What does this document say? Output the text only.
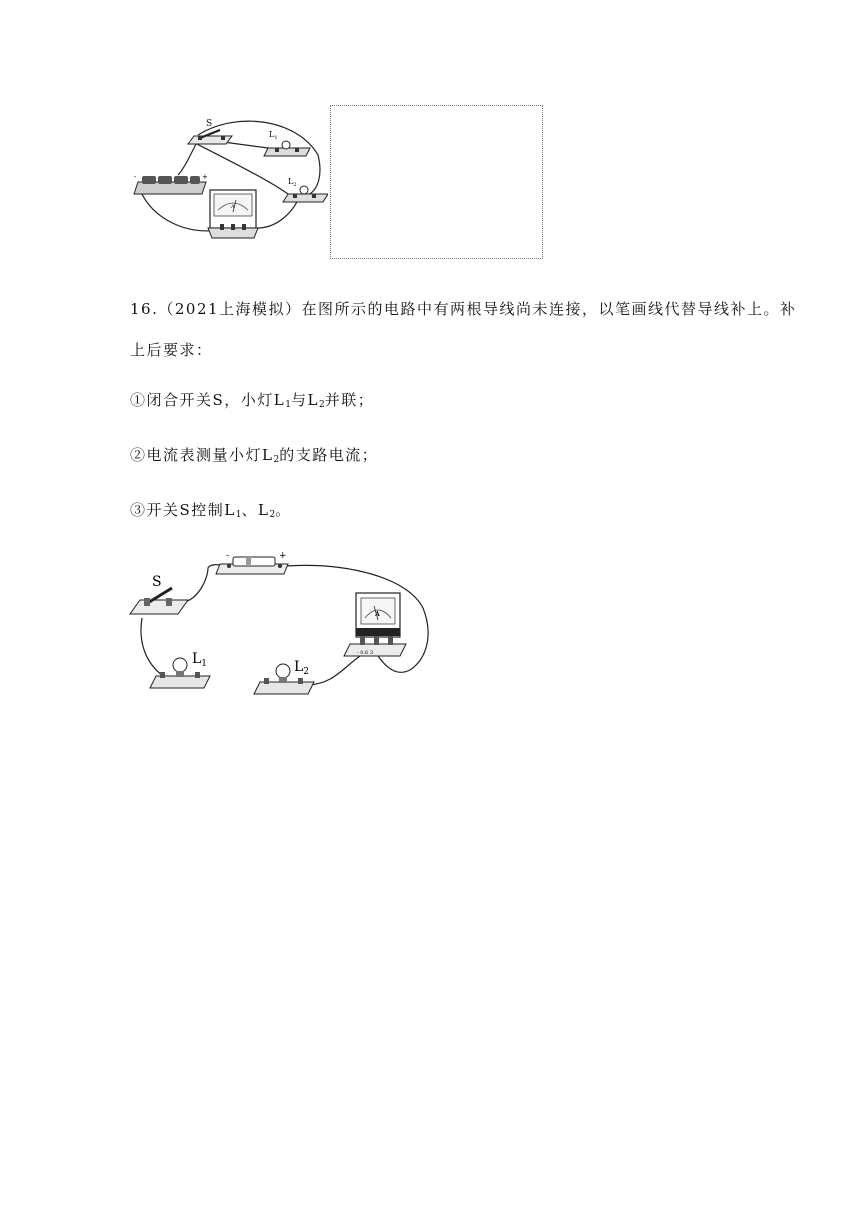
S
$L_1$
$L_2$
-	+
A
16.（2021上海模拟）在图所示的电路中有两根导线尚未连接，以笔画线代替导线补上。补
上后要求：
①闭合开关S，小灯$L_1$与$L_2$并联；
②电流表测量小灯$L_2$的支路电流；
③开关S控制$L_1$、$L_2$。
-	+
S
$L_1$	$L_2$
A
- 0.6 3
